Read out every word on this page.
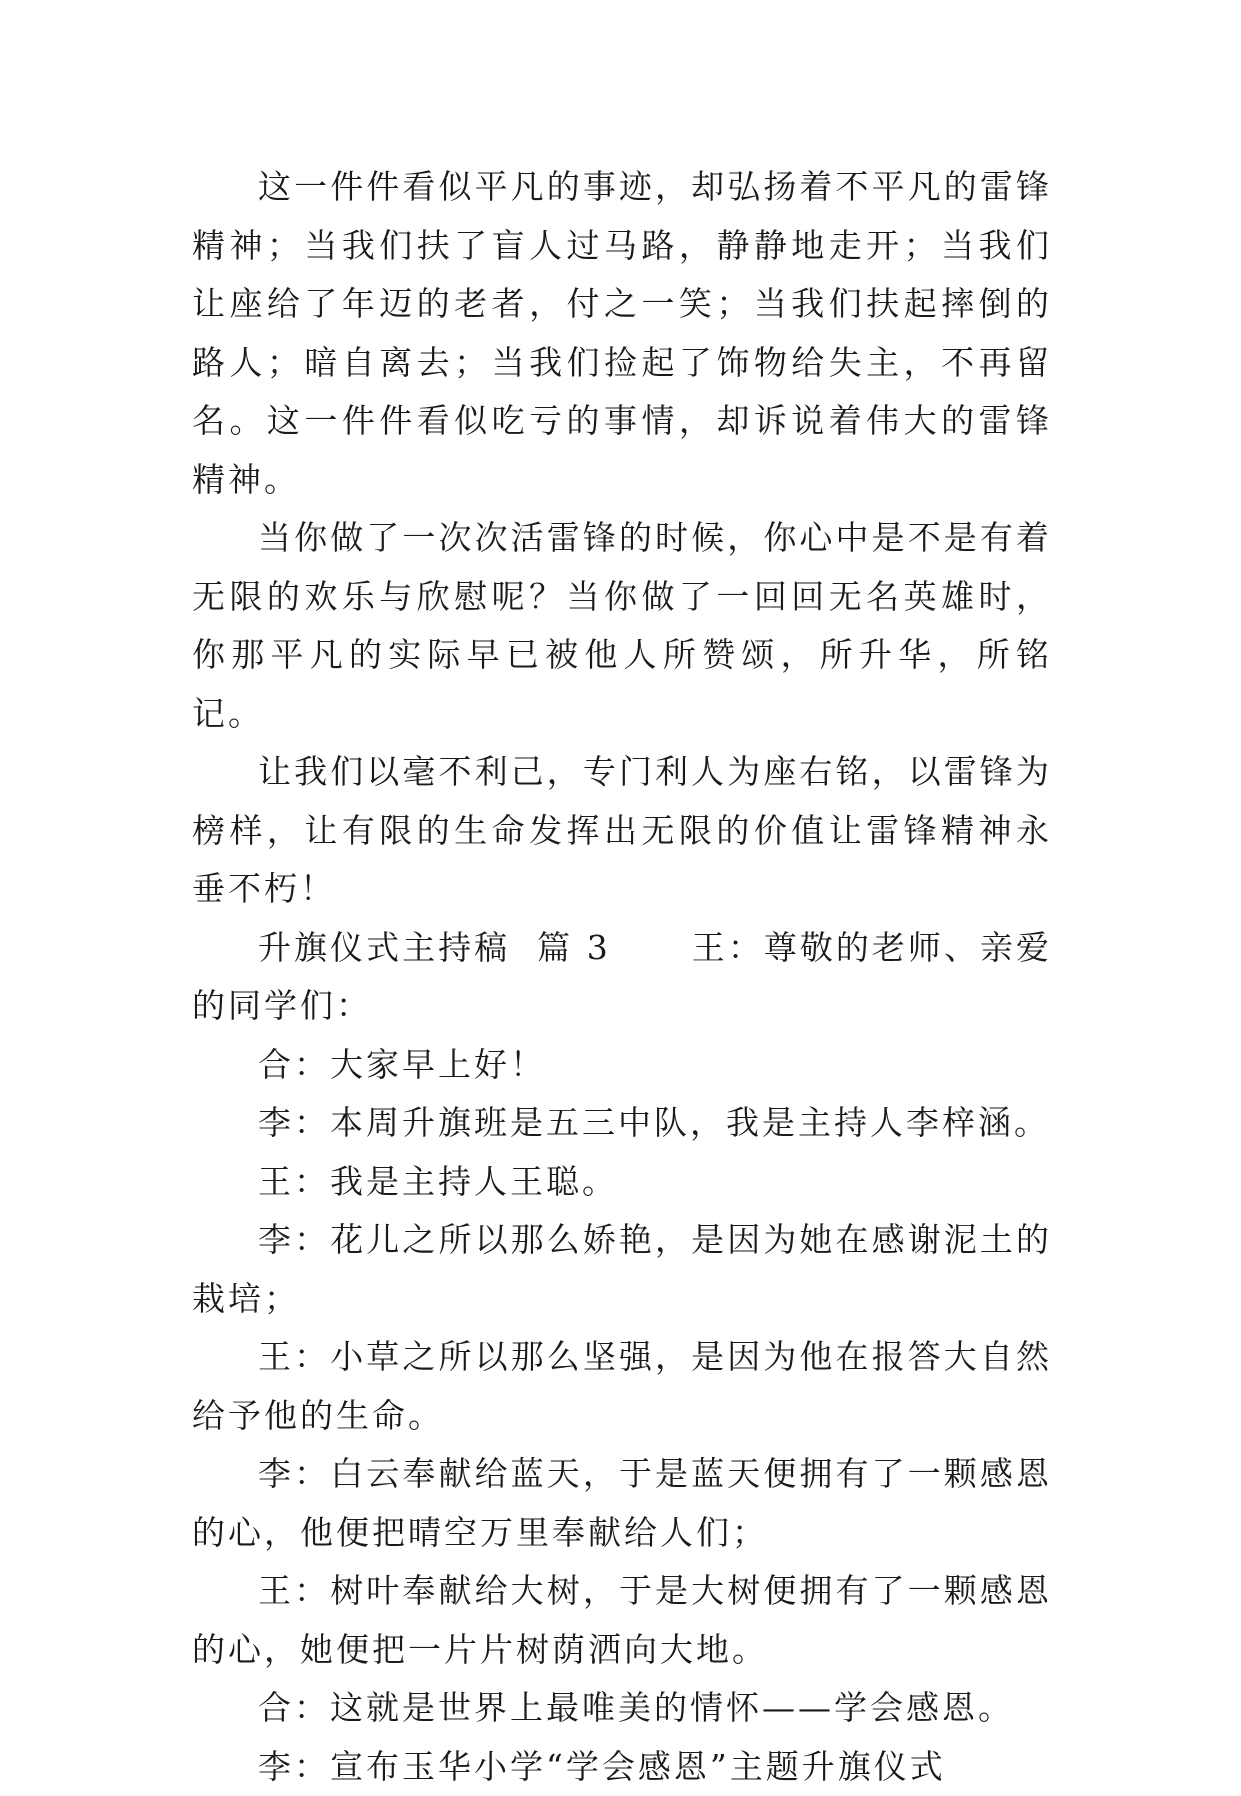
这一件件看似平凡的事迹，却弘扬着不平凡的雷锋精神；当我们扶了盲人过马路，静静地走开；当我们让座给了年迈的老者，付之一笑；当我们扶起摔倒的路人；暗自离去；当我们捡起了饰物给失主，不再留名。这一件件看似吃亏的事情，却诉说着伟大的雷锋精神。

当你做了一次次活雷锋的时候，你心中是不是有着无限的欢乐与欣慰呢？当你做了一回回无名英雄时，你那平凡的实际早已被他人所赞颂，所升华，所铭记。

让我们以毫不利己，专门利人为座右铭，以雷锋为榜样，让有限的生命发挥出无限的价值让雷锋精神永垂不朽！

升旗仪式主持稿  篇 3      王：尊敬的老师、亲爱的同学们：

合：大家早上好！

李：本周升旗班是五三中队，我是主持人李梓涵。

王：我是主持人王聪。

李：花儿之所以那么娇艳，是因为她在感谢泥土的栽培；

王：小草之所以那么坚强，是因为他在报答大自然给予他的生命。

李：白云奉献给蓝天，于是蓝天便拥有了一颗感恩的心，他便把晴空万里奉献给人们；

王：树叶奉献给大树，于是大树便拥有了一颗感恩的心，她便把一片片树荫洒向大地。

合：这就是世界上最唯美的情怀——学会感恩。

李：宣布玉华小学“学会感恩”主题升旗仪式
